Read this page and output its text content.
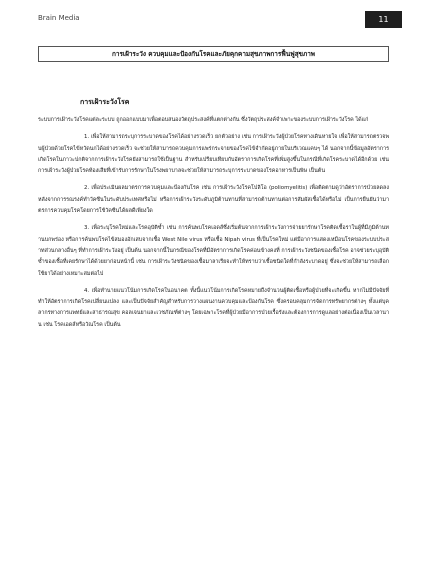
Brain Media	11
การเฝ้าระวัง ควบคุมและป้องกันโรคและภัยคุกคามสุขภาพการฟื้นฟูสุขภาพ
การเฝ้าระวังโรค

ระบบการเฝ้าระวังโรคแต่ละระบบ ถูกออกแบบมาเพื่อตอบสนองวัตถุประสงค์ที่แตกต่างกัน ซึ่งวัตถุประสงค์จำเพาะของระบบการเฝ้าระวังโรค ได้แก่

1. เพื่อให้สามารถระบุการระบาดของโรคได้อย่างรวดเร็ว ยกตัวอย่าง เช่น การเฝ้าระวังผู้ป่วยโรคทางเดินหายใจ เพื่อให้สามารถตรวจพบผู้ป่วยด้วยโรคไข้หวัดนกได้อย่างรวดเร็ว จะช่วยให้สามารถควบคุมการแพร่กระจายของโรคไข้จำกัดอยู่ภายในบริเวณแคบๆ ได้ นอกจากนี้ข้อมูลอัตราการเกิดโรคในภาวะปกติจากการเฝ้าระวังโรคยังสามารถใช้เป็นฐาน สำหรับเปรียบเทียบกับอัตราการเกิดโรคที่เพิ่มสูงขึ้นในกรณีที่เกิดโรคระบาดได้อีกด้วย เช่น การเฝ้าระวังผู้ป่วยโรคท้องเสียที่เข้ารับการรักษาในโรงพยาบาลจะช่วยให้สามารถระบุการระบาดของโรคอาหารเป็นพิษ เป็นต้น

2. เพื่อประเมินผลมาตรการควบคุมและป้องกันโรค เช่น การเฝ้าระวังโรคโปลิโอ (poliomyelitis) เพื่อติดตามดูว่าอัตราการป่วยลดลงหลังจากการรณรงค์ทำวัคซีนในระดับประเทศหรือไม่ หรือการเฝ้าระวังระดับภูมิต้านทานที่สามารถต้านทานต่อการสัมผัสเชื้อได้หรือไม่ เป็นการยืนยันว่ามาตรการควบคุมโรคโดยการใช้วัคซีนได้ผลดีเพียงใด

3. เพื่อระบุโรคใหม่และโรคอุบัติซ้ำ เช่น การค้นพบโรคเอดส์ซึ่งเริ่มต้นจากการเฝ้าระวังการจ่ายยารักษาโรคติดเชื้อราในผู้ที่มีภูมิต้านทานบกพร่อง หรือการค้นพบโรคไข้สมองอักเสบจากเชื้อ West Nile virus หรือเชื้อ Nipah virus ที่เป็นโรคใหม่ แต่มีอาการแสดงเหมือนโรคของระบบประสาทส่วนกลางอื่นๆ ที่ทำการเฝ้าระวังอยู่ เป็นต้น นอกจากนี้ในกรณีของโรคที่มีอัตราการเกิดโรคค่อนข้างคงที่ การเฝ้าระวังชนิดของเชื้อโรค อาจช่วยระบุอุบัติซ้ำของเชื้อที่เคยรักษาได้ด้วยยาก่อนหน้านี้ เช่น การเฝ้าระวังชนิดของเชื้อมาลาเรียจะทำให้ทราบว่าเชื้อชนิดใดที่กำลังระบาดอยู่ ซึ่งจะช่วยให้สามารถเลือกใช้ยาได้อย่างเหมาะสมต่อไป

4. เพื่อทำนายแนวโน้มการเกิดโรคในอนาคต ทั้งนี้แนวโน้มการเกิดโรคหมายถึงจำนวนผู้ติดเชื้อหรือผู้ป่วยที่จะเกิดขึ้น หากไม่มีปัจจัยที่ทำให้อัตราการเกิดโรคเปลี่ยนแปลง และเป็นปัจจัยสำคัญสำหรับการวางแผนงานควบคุมและป้องกันโรค ซึ่งครอบคลุมการจัดการทรัพยากรต่างๆ ทั้งแต่บุคลากรทางการแพทย์และสาธารณสุข คอลเจนยาและเวชภัณฑ์ต่างๆ โดยเฉพาะโรคที่ผู้ป่วยมีอาการป่วยเรื้อรังและต้องการการดูแลอย่างต่อเนื่องเป็นเวลานาน เช่น โรคเอดส์หรือวัณโรค เป็นต้น
